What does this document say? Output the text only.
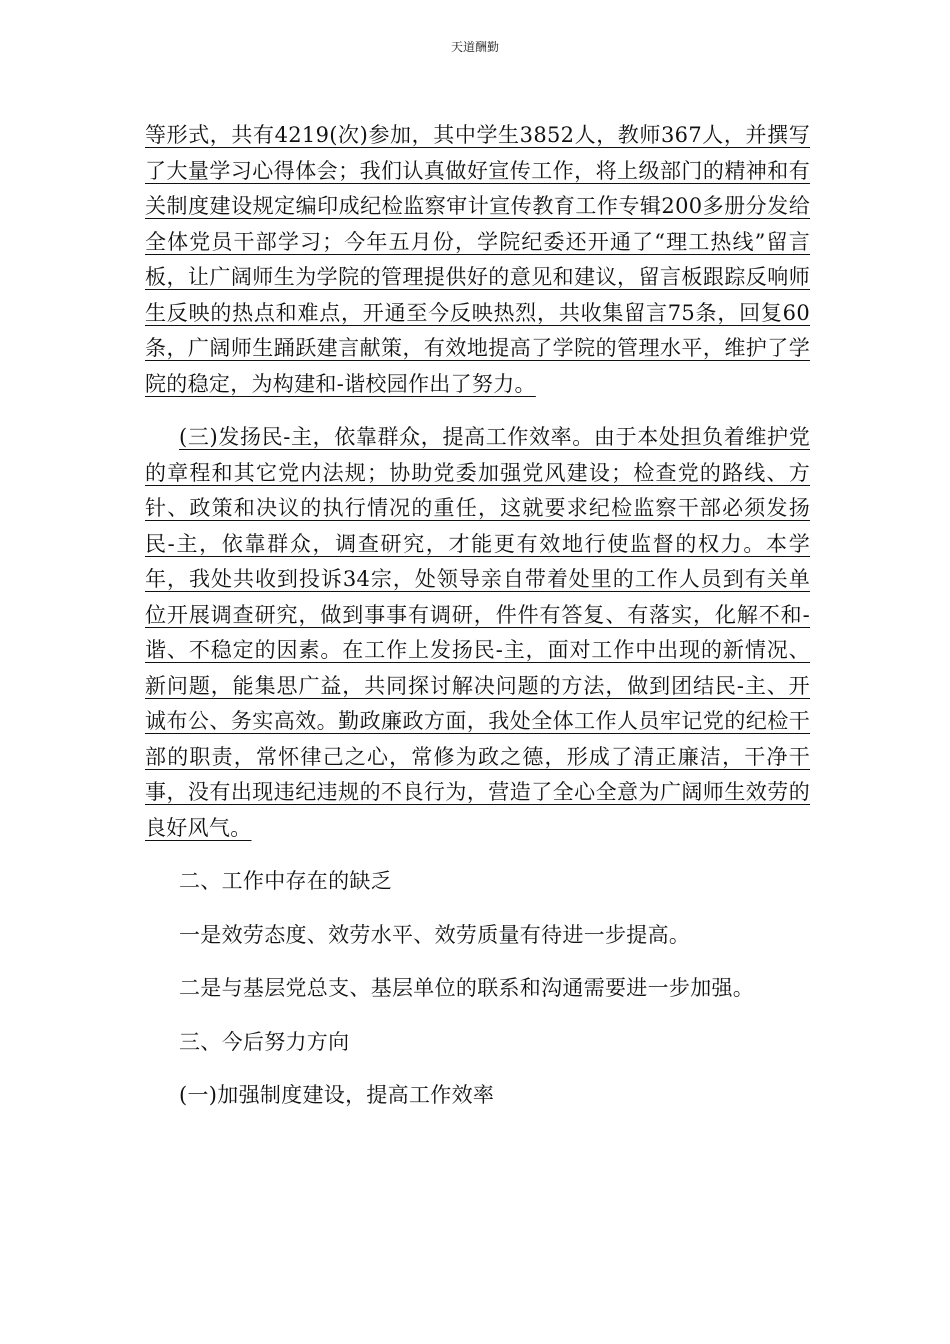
天道酬勤

等形式，共有4219(次)参加，其中学生3852人，教师367人，并撰写了大量学习心得体会；我们认真做好宣传工作，将上级部门的精神和有关制度建设规定编印成纪检监察审计宣传教育工作专辑200多册分发给全体党员干部学习；今年五月份，学院纪委还开通了“理工热线”留言板，让广阔师生为学院的管理提供好的意见和建议，留言板跟踪反响师生反映的热点和难点，开通至今反映热烈，共收集留言75条，回复60条，广阔师生踊跃建言献策，有效地提高了学院的管理水平，维护了学院的稳定，为构建和-谐校园作出了努力。

(三)发扬民-主，依靠群众，提高工作效率。由于本处担负着维护党的章程和其它党内法规；协助党委加强党风建设；检查党的路线、方针、政策和决议的执行情况的重任，这就要求纪检监察干部必须发扬民-主，依靠群众，调查研究，才能更有效地行使监督的权力。本学年，我处共收到投诉34宗，处领导亲自带着处里的工作人员到有关单位开展调查研究，做到事事有调研，件件有答复、有落实，化解不和-谐、不稳定的因素。在工作上发扬民-主，面对工作中出现的新情况、新问题，能集思广益，共同探讨解决问题的方法，做到团结民-主、开诚布公、务实高效。勤政廉政方面，我处全体工作人员牢记党的纪检干部的职责，常怀律己之心，常修为政之德，形成了清正廉洁，干净干事，没有出现违纪违规的不良行为，营造了全心全意为广阔师生效劳的良好风气。

二、工作中存在的缺乏

一是效劳态度、效劳水平、效劳质量有待进一步提高。

二是与基层党总支、基层单位的联系和沟通需要进一步加强。

三、今后努力方向

(一)加强制度建设，提高工作效率
